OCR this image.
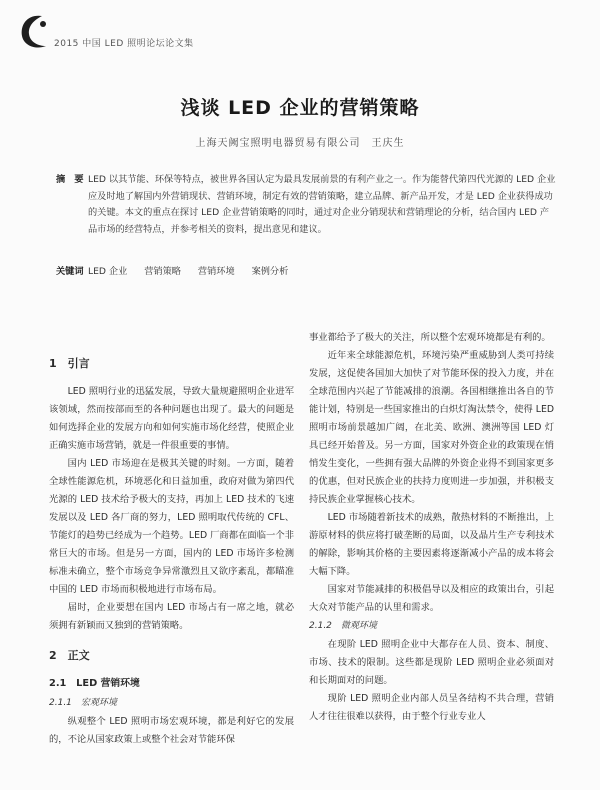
2015 中国 LED 照明论坛论文集
浅谈 LED 企业的营销策略
上海天阙宝照明电器贸易有限公司　王庆生
摘　要 LED 以其节能、环保等特点，被世界各国认定为最具发展前景的有利产业之一。作为能替代第四代光源的 LED 企业应及时地了解国内外营销现状、营销环境，制定有效的营销策略，建立品牌、新产品开发，才是 LED 企业获得成功的关键。本文的重点在探讨 LED 企业营销策略的同时，通过对企业分销现状和营销理论的分析，结合国内 LED 产品市场的经营特点，并参考相关的资料，提出意见和建议。
关键词 LED 企业 营销策略 营销环境 案例分析
1　引言

LED 照明行业的迅猛发展，导致大量规避照明企业进军该领域，然而按部而至的各种问题也出现了。最大的问题是如何选择企业的发展方向和如何实施市场化经营，使照企业正确实施市场营销，就是一件很重要的事情。

国内 LED 市场迎在是极其关键的时刻。一方面，随着全球性能源危机，环境恶化和日益加重，政府对做为第四代光源的 LED 技术给予极大的支持，再加上 LED 技术的飞速发展以及 LED 各厂商的努力，LED 照明取代传统的 CFL、节能灯的趋势已经成为一个趋势。LED 厂商都在面临一个非常巨大的市场。但是另一方面，国内的 LED 市场许多检测标准未确立，整个市场竞争异常激烈且又欲序紊乱，都瞄准中国的 LED 市场而积极地进行市场布局。

届时，企业要想在国内 LED 市场占有一席之地，就必须拥有新颖而又独到的营销策略。

2　正文
2.1　LED 营销环境
2.1.1　宏观环境

纵观整个 LED 照明市场宏观环境，都是利好它的发展的，不论从国家政策上或整个社会对节能环保

事业都给予了极大的关注，所以整个宏观环境都是有利的。

近年来全球能源危机，环境污染严重威胁到人类可持续发展，这促使各国加大加快了对节能环保的投入力度，并在全球范围内兴起了节能减排的浪潮。各国相继推出各自的节能计划，特别是一些国家推出的白炽灯淘汰禁令，使得 LED 照明市场前景越加广阔，在北美、欧洲、澳洲等国 LED 灯具已经开始普及。另一方面，国家对外资企业的政策现在悄悄发生变化，一些拥有强大品牌的外资企业得不到国家更多的优惠，但对民族企业的扶持力度则进一步加强，并积极支持民族企业掌握核心技术。

LED 市场随着新技术的成熟，散热材料的不断推出，上游原材料的供应将打破垄断的局面，以及晶片生产专利技术的解除，影响其价格的主要因素将逐渐减小产品的成本将会大幅下降。

国家对节能减排的积极倡导以及相应的政策出台，引起大众对节能产品的认里和需求。

2.1.2　微观环境

在现阶 LED 照明企业中大都存在人员、资本、制度、市场、技术的限制。这些都是现阶 LED 照明企业必须面对和长期面对的问题。

现阶 LED 照明企业内部人员呈各结构不共合理，营销人才往往很难以获得，由于整个行业专业人
